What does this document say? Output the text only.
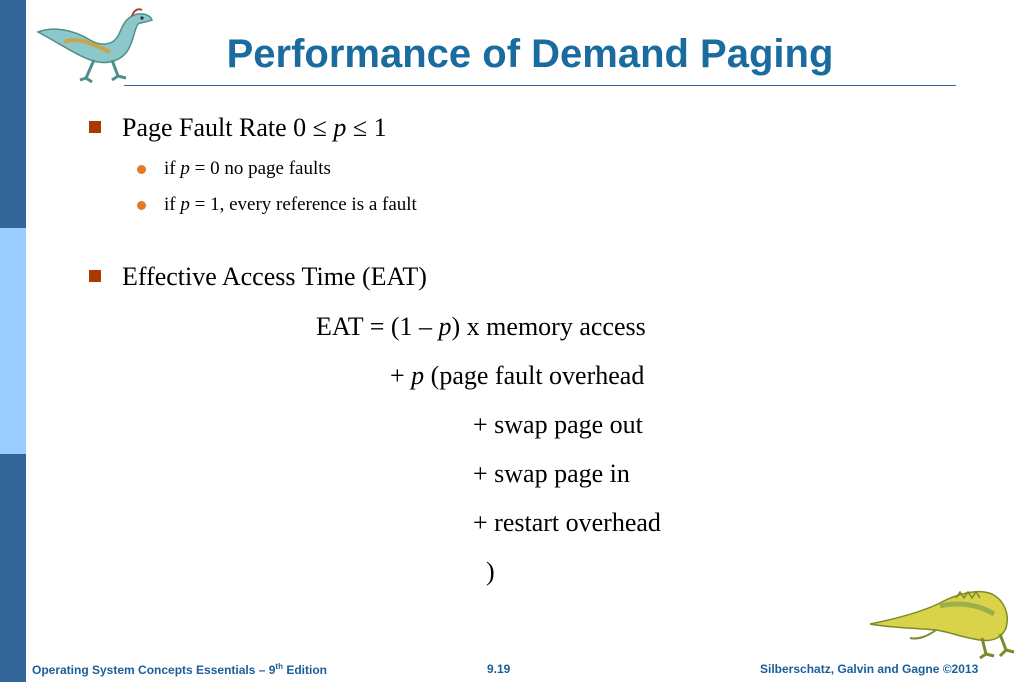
Performance of Demand Paging
Page Fault Rate 0 ≤ p ≤ 1
if p = 0 no page faults
if p = 1, every reference is a fault
Effective Access Time (EAT)
EAT = (1 – p) x memory access
+ p (page fault overhead
+ swap page out
+ swap page in
+ restart overhead
)
Operating System Concepts Essentials – 9th Edition	9.19	Silberschatz, Galvin and Gagne ©2013
